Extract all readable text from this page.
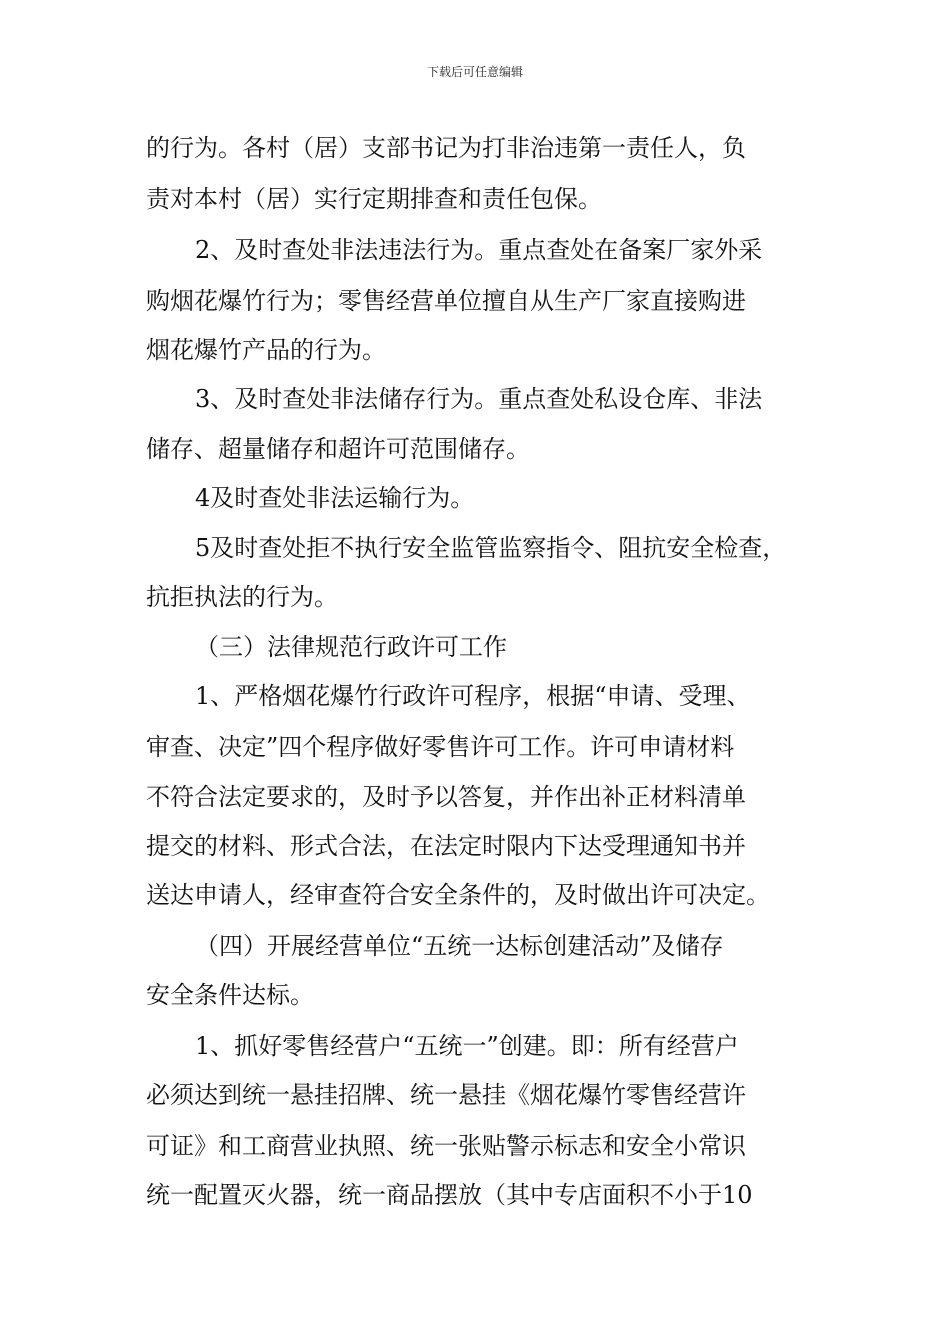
下载后可任意编辑
的行为。各村（居）支部书记为打非治违第一责任人，负
责对本村（居）实行定期排查和责任包保。
2、及时查处非法违法行为。重点查处在备案厂家外采
购烟花爆竹行为；零售经营单位擅自从生产厂家直接购进
烟花爆竹产品的行为。
3、及时查处非法储存行为。重点查处私设仓库、非法
储存、超量储存和超许可范围储存。
4及时查处非法运输行为。
5及时查处拒不执行安全监管监察指令、阻抗安全检查，
抗拒执法的行为。
（三）法律规范行政许可工作
1、严格烟花爆竹行政许可程序，根据“申请、受理、
审查、决定”四个程序做好零售许可工作。许可申请材料
不符合法定要求的，及时予以答复，并作出补正材料清单
提交的材料、形式合法，在法定时限内下达受理通知书并
送达申请人，经审查符合安全条件的，及时做出许可决定。
（四）开展经营单位“五统一达标创建活动”及储存
安全条件达标。
1、抓好零售经营户“五统一”创建。即：所有经营户
必须达到统一悬挂招牌、统一悬挂《烟花爆竹零售经营许
可证》和工商营业执照、统一张贴警示标志和安全小常识
统一配置灭火器，统一商品摆放（其中专店面积不小于10
